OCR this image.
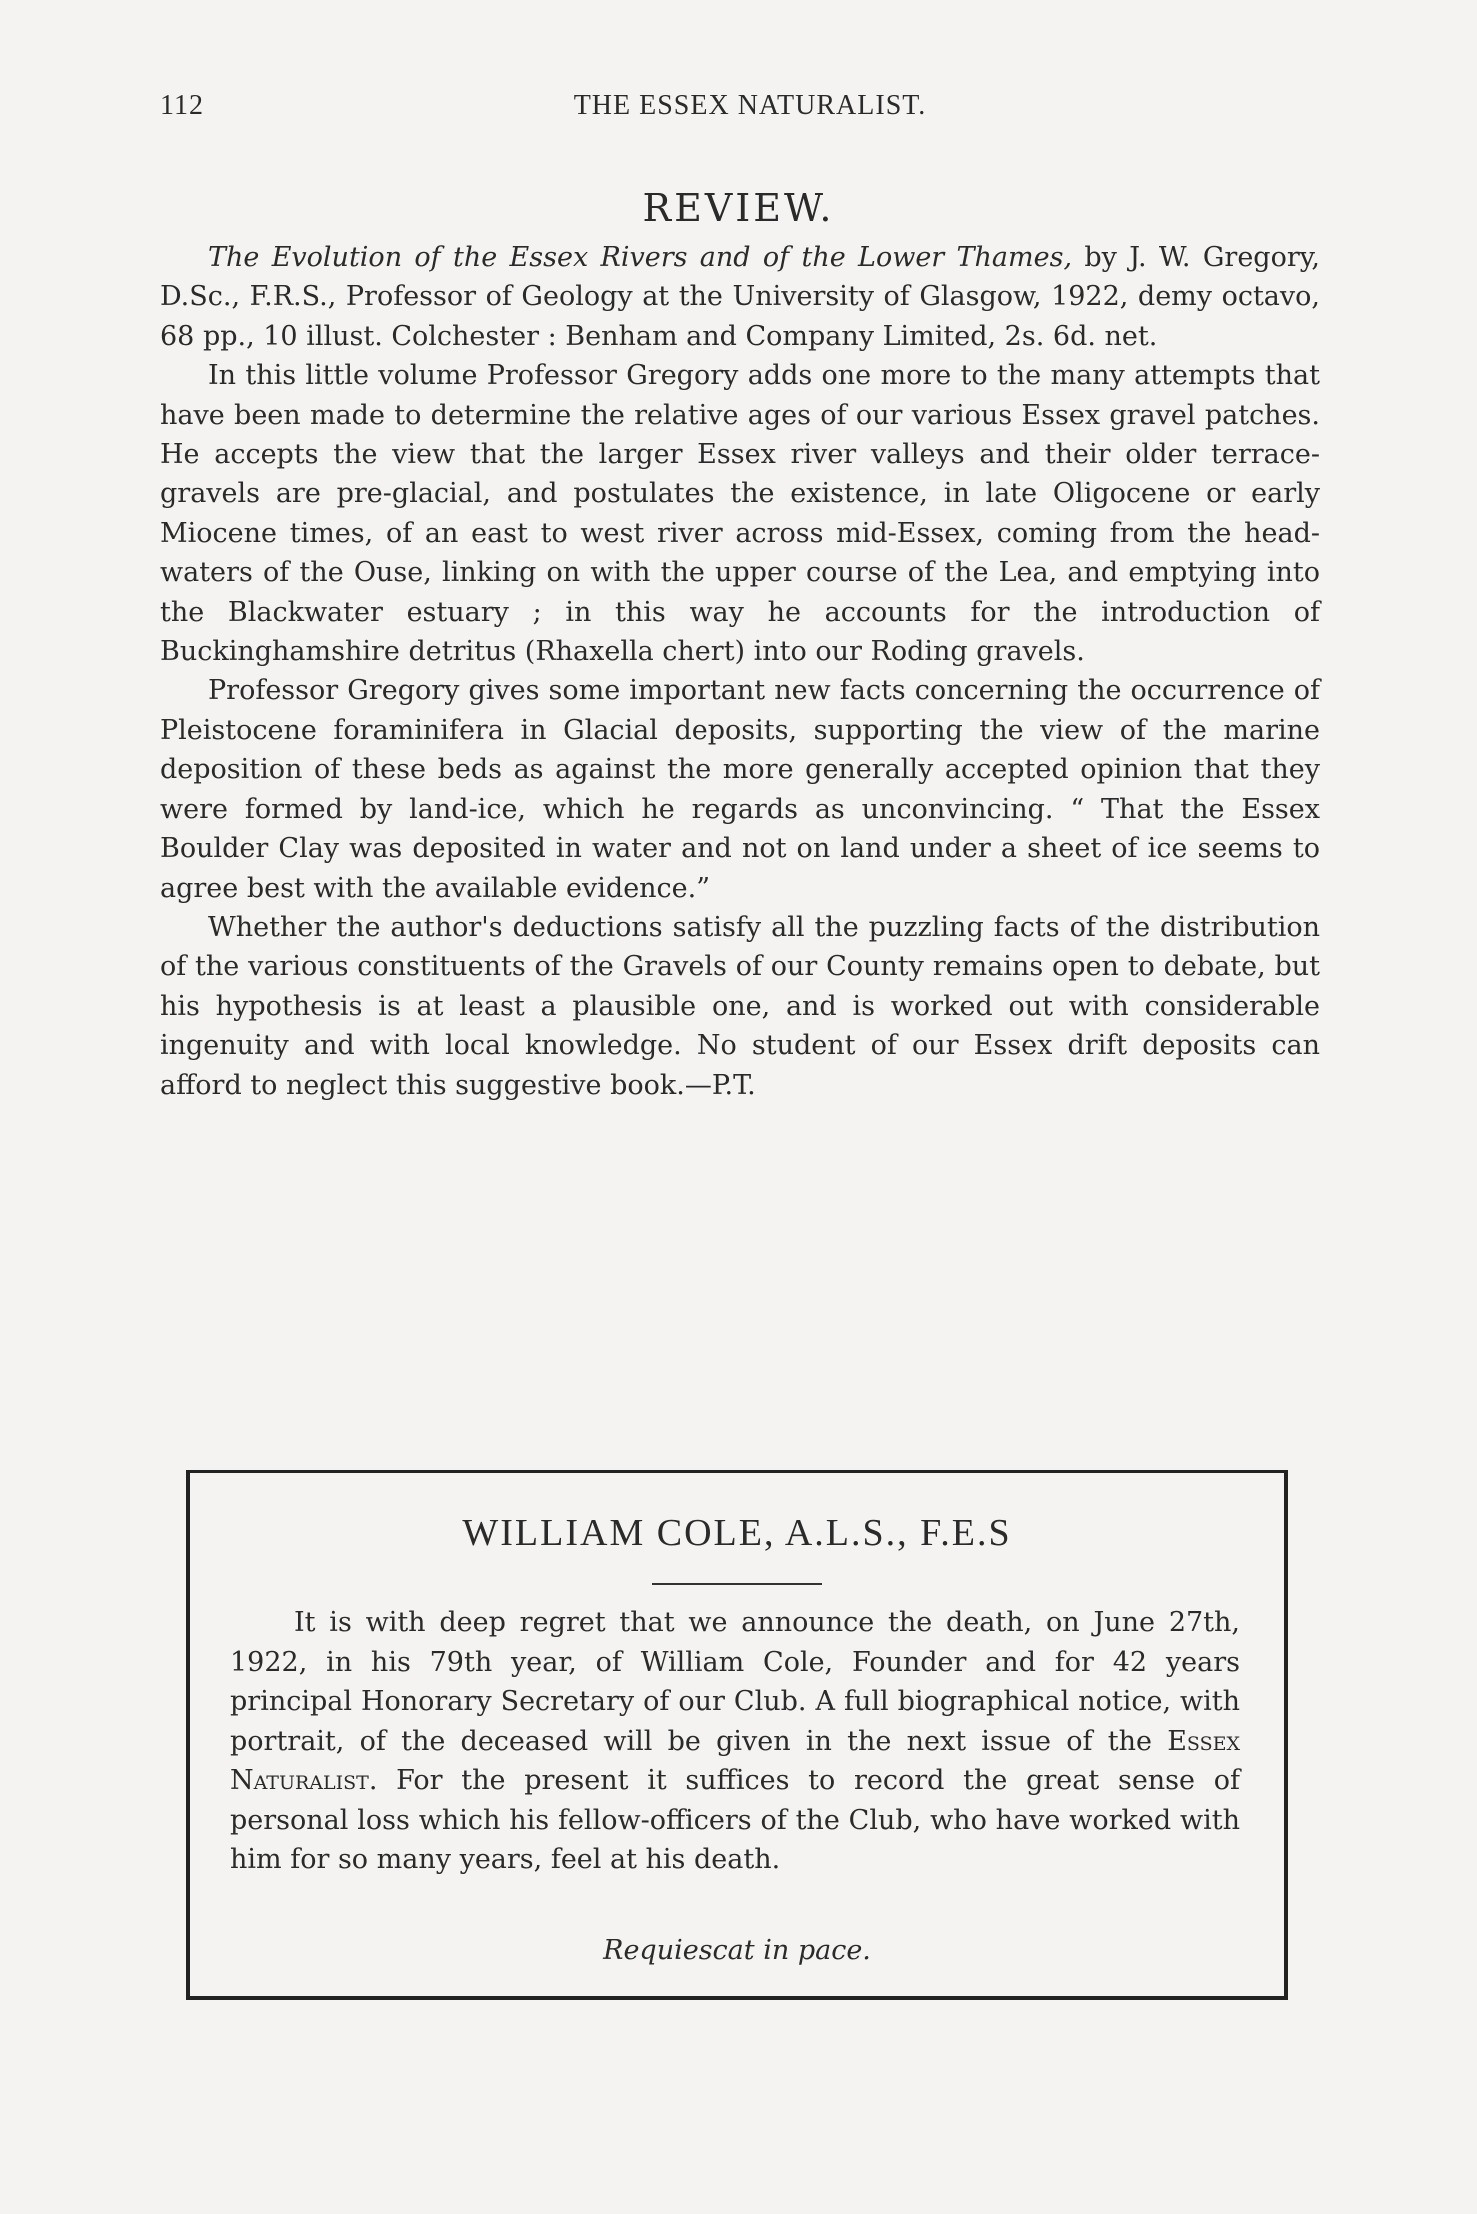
112	THE ESSEX NATURALIST.
REVIEW.

The Evolution of the Essex Rivers and of the Lower Thames, by J. W. Gregory, D.Sc., F.R.S., Professor of Geology at the University of Glasgow, 1922, demy octavo, 68 pp., 10 illust. Colchester : Benham and Company Limited, 2s. 6d. net.

In this little volume Professor Gregory adds one more to the many attempts that have been made to determine the relative ages of our various Essex gravel patches. He accepts the view that the larger Essex river valleys and their older terrace-gravels are pre-glacial, and postulates the existence, in late Oligocene or early Miocene times, of an east to west river across mid-Essex, coming from the head-waters of the Ouse, linking on with the upper course of the Lea, and emptying into the Blackwater estuary ; in this way he accounts for the introduction of Buckinghamshire detritus (Rhaxella chert) into our Roding gravels.

Professor Gregory gives some important new facts concerning the occurrence of Pleistocene foraminifera in Glacial deposits, supporting the view of the marine deposition of these beds as against the more generally accepted opinion that they were formed by land-ice, which he regards as unconvincing. “ That the Essex Boulder Clay was deposited in water and not on land under a sheet of ice seems to agree best with the available evidence.”

Whether the author's deductions satisfy all the puzzling facts of the distribution of the various constituents of the Gravels of our County remains open to debate, but his hypothesis is at least a plausible one, and is worked out with considerable ingenuity and with local knowledge. No student of our Essex drift deposits can afford to neglect this suggestive book.—P.T.

WILLIAM COLE, A.L.S., F.E.S

It is with deep regret that we announce the death, on June 27th, 1922, in his 79th year, of William Cole, Founder and for 42 years principal Honorary Secretary of our Club. A full biographical notice, with portrait, of the deceased will be given in the next issue of the Essex Naturalist. For the present it suffices to record the great sense of personal loss which his fellow-officers of the Club, who have worked with him for so many years, feel at his death.

Requiescat in pace.
